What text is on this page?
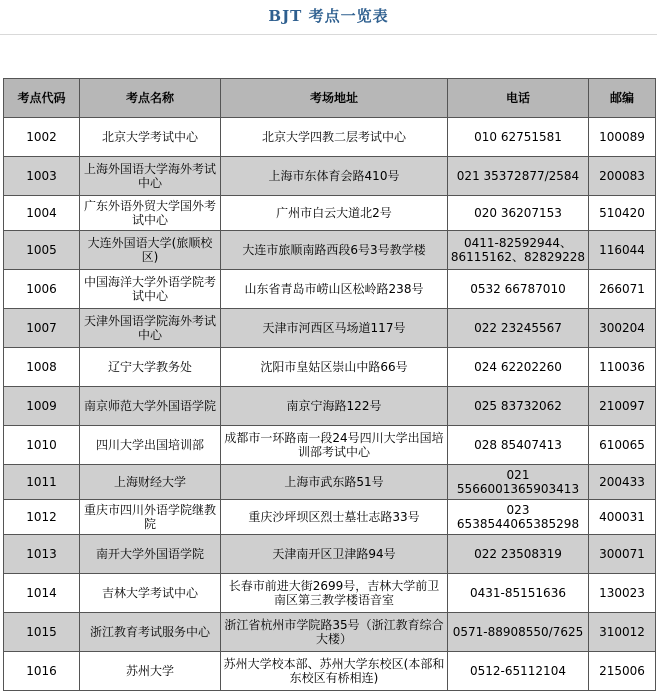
BJT 考点一览表
考点代码	考点名称	考场地址	电话	邮编
1002	北京大学考试中心	北京大学四教二层考试中心	010 62751581	100089
1003	上海外国语大学海外考试中心	上海市东体育会路410号	021 35372877/2584	200083
1004	广东外语外贸大学国外考试中心	广州市白云大道北2号	020 36207153	510420
1005	大连外国语大学(旅顺校区)	大连市旅顺南路西段6号3号教学楼	0411-82592944、86115162、82829228	116044
1006	中国海洋大学外语学院考试中心	山东省青岛市崂山区松岭路238号	0532 66787010	266071
1007	天津外国语学院海外考试中心	天津市河西区马场道117号	022 23245567	300204
1008	辽宁大学教务处	沈阳市皇姑区崇山中路66号	024 62202260	110036
1009	南京师范大学外国语学院	南京宁海路122号	025 83732062	210097
1010	四川大学出国培训部	成都市一环路南一段24号四川大学出国培训部考试中心	028 85407413	610065
1011	上海财经大学	上海市武东路51号	021 5566001365903413	200433
1012	重庆市四川外语学院继教院	重庆沙坪坝区烈士墓壮志路33号	023 6538544065385298	400031
1013	南开大学外国语学院	天津南开区卫津路94号	022 23508319	300071
1014	吉林大学考试中心	长春市前进大街2699号，吉林大学前卫南区第三教学楼语音室	0431-85151636	130023
1015	浙江教育考试服务中心	浙江省杭州市学院路35号（浙江教育综合大楼）	0571-88908550/7625	310012
1016	苏州大学	苏州大学校本部、苏州大学东校区(本部和东校区有桥相连)	0512-65112104	215006
